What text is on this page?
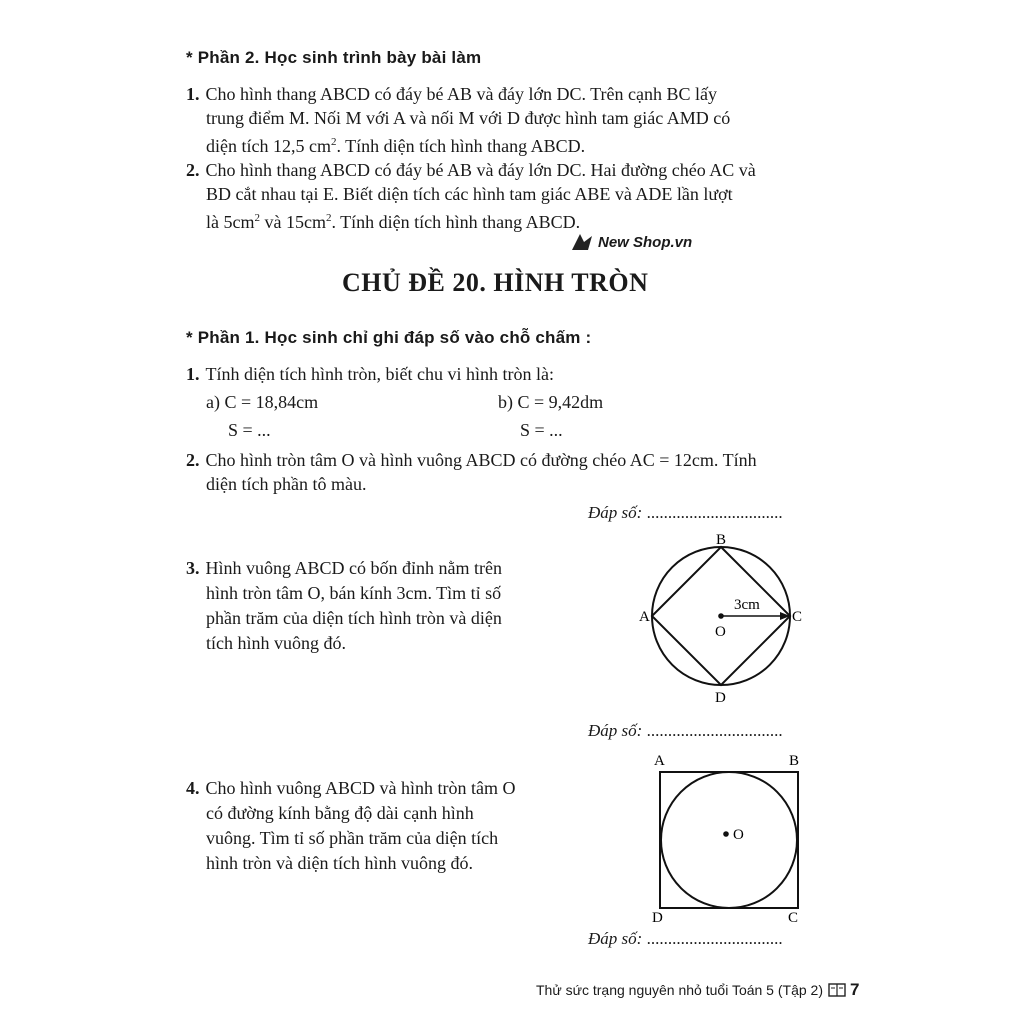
* Phần 2. Học sinh trình bày bài làm
1. Cho hình thang ABCD có đáy bé AB và đáy lớn DC. Trên cạnh BC lấy
trung điểm M. Nối M với A và nối M với D được hình tam giác AMD có
diện tích 12,5 $cm^2$. Tính diện tích hình thang ABCD.
2. Cho hình thang ABCD có đáy bé AB và đáy lớn DC. Hai đường chéo AC và
BD cắt nhau tại E. Biết diện tích các hình tam giác ABE và ADE lần lượt
là $5cm^2$ và $15cm^2$. Tính diện tích hình thang ABCD.
New Shop.vn
CHỦ ĐỀ 20. HÌNH TRÒN
* Phần 1. Học sinh chỉ ghi đáp số vào chỗ chấm :
1. Tính diện tích hình tròn, biết chu vi hình tròn là:
a) C = 18,84cm
S = ...
b) C = 9,42dm
S = ...
2. Cho hình tròn tâm O và hình vuông ABCD có đường chéo AC = 12cm. Tính
diện tích phần tô màu.
Đáp số: ................................
3. Hình vuông ABCD có bốn đỉnh nằm trên
hình tròn tâm O, bán kính 3cm. Tìm tỉ số
phần trăm của diện tích hình tròn và diện
tích hình vuông đó.
B
A	C
D
O
3cm
Đáp số: ................................
4. Cho hình vuông ABCD và hình tròn tâm O
có đường kính bằng độ dài cạnh hình
vuông. Tìm tỉ số phần trăm của diện tích
hình tròn và diện tích hình vuông đó.
A	B
D	C
O
Đáp số: ................................
Thử sức trạng nguyên nhỏ tuổi Toán 5 (Tập 2) 7
